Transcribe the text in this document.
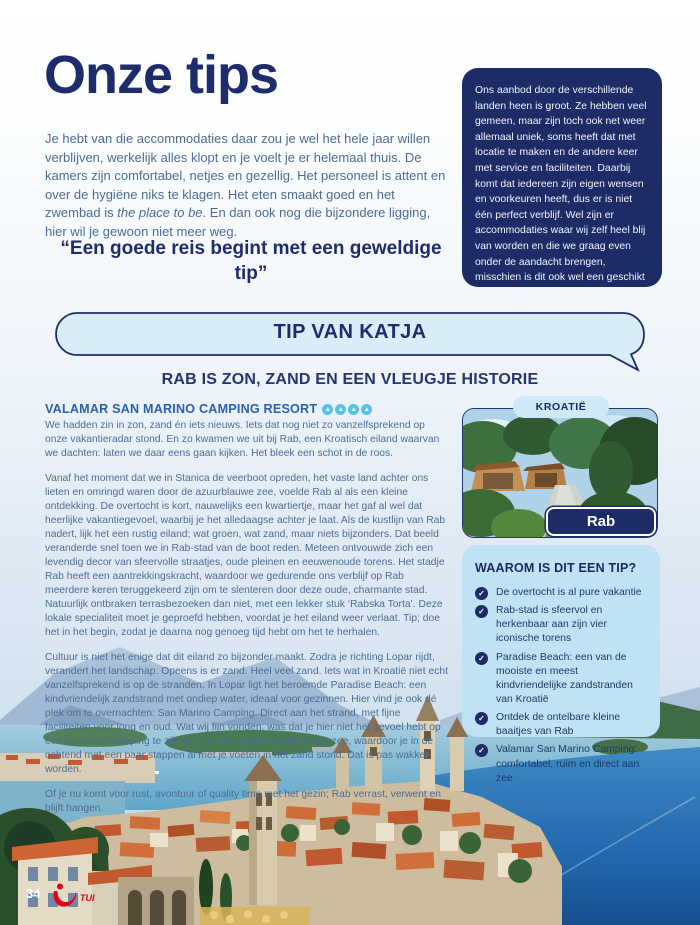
Onze tips
Je hebt van die accommodaties daar zou je wel het hele jaar willen verblijven, werkelijk alles klopt en je voelt je er helemaal thuis. De kamers zijn comfortabel, netjes en gezellig. Het personeel is attent en over de hygiëne niks te klagen. Het eten smaakt goed en het zwembad is the place to be. En dan ook nog die bijzondere ligging, hier wil je gewoon niet meer weg.
Ons aanbod door de verschillende landen heen is groot. Ze hebben veel gemeen, maar zijn toch ook net weer allemaal uniek, soms heeft dat met locatie te maken en de andere keer met service en faciliteiten. Daarbij komt dat iedereen zijn eigen wensen en voorkeuren heeft, dus er is niet één perfect verblijf. Wel zijn er accommodaties waar wij zelf heel blij van worden en die we graag even onder de aandacht brengen, misschien is dit ook wel een geschikt hotel of appartement voor jou!
“Een goede reis begint met een geweldige tip”
TIP VAN KATJA
RAB IS ZON, ZAND EN EEN VLEUGJE HISTORIE
VALAMAR SAN MARINO CAMPING RESORT	▲	▲	▲	▲

We hadden zin in zon, zand én iets nieuws. Iets dat nog niet zo vanzelfsprekend op onze vakantieradar stond. En zo kwamen we uit bij Rab, een Kroatisch eiland waarvan we dachten: laten we daar eens gaan kijken. Het bleek een schot in de roos.

Vanaf het moment dat we in Stanica de veerboot opreden, het vaste land achter ons lieten en omringd waren door de azuurblauwe zee, voelde Rab al als een kleine ontdekking. De overtocht is kort, nauwelijks een kwartiertje, maar het gaf al wel dat heerlijke vakantiegevoel, waarbij je het alledaagse achter je laat. Als de kustlijn van Rab nadert, lijk het een rustig eiland; wat groen, wat zand, maar niets bijzonders. Dat beeld veranderde snel toen we in Rab-stad van de boot reden. Meteen ontvouwde zich een levendig decor van sfeervolle straatjes, oude pleinen en eeuwenoude torens. Het stadje Rab heeft een aantrekkingskracht, waardoor we gedurende ons verblijf op Rab meerdere keren teruggekeerd zijn om te slenteren door deze oude, charmante stad. Natuurlijk ontbraken terrasbezoeken dan niet, met een lekker stuk ‘Rabska Torta’. Deze lokale specialiteit moet je geproefd hebben, voordat je het eiland weer verlaat. Tip; doe het in het begin, zodat je daarna nog genoeg tijd hebt om het te herhalen.

Cultuur is niet het enige dat dit eiland zo bijzonder maakt. Zodra je richting Lopar rijdt, verandert het landschap. Opeens is er zand. Heel veel zand. Iets wat in Kroatië niet echt vanzelfsprekend is op de stranden. In Lopar ligt het beroemde Paradise Beach: een kindvriendelijk zandstrand met ondiep water, ideaal voor gezinnen. Hier vind je ook dé plek om te overnachten: San Marino Camping. Direct aan het strand, met fijne faciliteiten voor jong en oud. Wat wij fijn vonden, was dat je hier niet het gevoel hebt op een doorsnee camping te zijn. Het is ruim, groen en direct aan zee, waardoor je in de ochtend met een paar stappen al met je voeten in het zand stond. Dat is pas wakker worden.

Of je nu komt voor rust, avontuur of quality time met het gezin; Rab verrast, verwent en blijft hangen.

KROATIË
Rab
WAAROM IS DIT EEN TIP?
✓	De overtocht is al pure vakantie
✓	Rab-stad is sfeervol en herkenbaar aan zijn vier iconische torens
✓	Paradise Beach: een van de mooiste en meest kindvriendelijke zandstranden van Kroatië
✓	Ontdek de ontelbare kleine baaitjes van Rab
✓	Valamar San Marino Camping: comfortabel, ruim en direct aan zee
34	TUI
